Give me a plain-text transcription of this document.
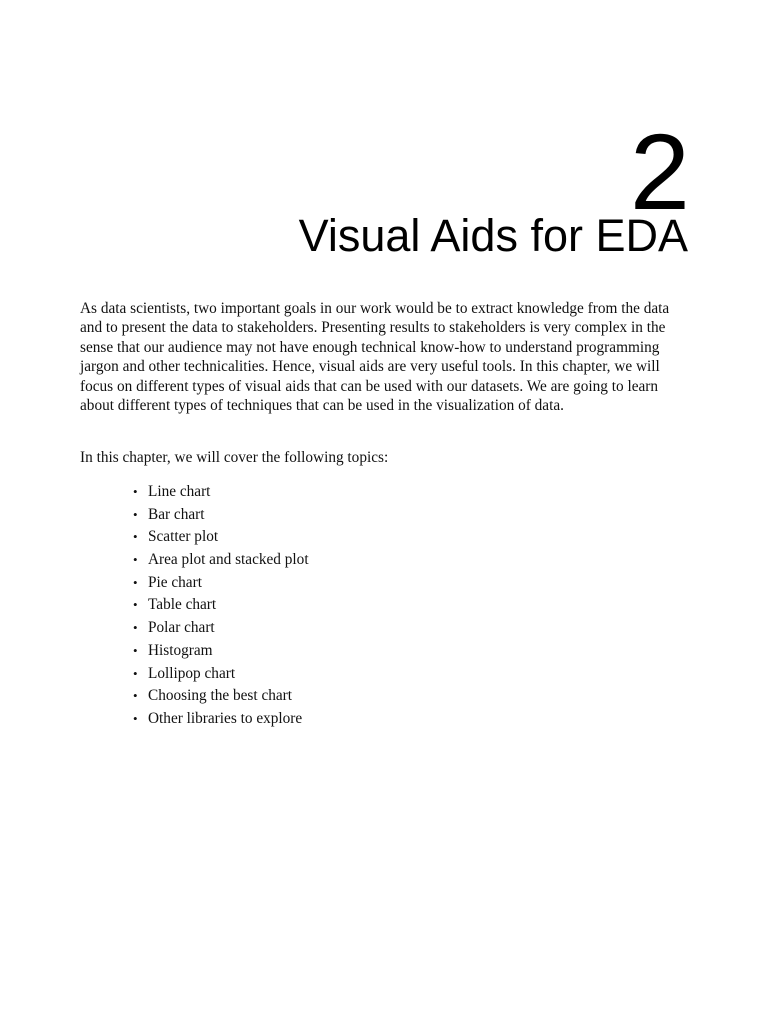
2
Visual Aids for EDA

As data scientists, two important goals in our work would be to extract knowledge from the data and to present the data to stakeholders. Presenting results to stakeholders is very complex in the sense that our audience may not have enough technical know-how to understand programming jargon and other technicalities. Hence, visual aids are very useful tools. In this chapter, we will focus on different types of visual aids that can be used with our datasets. We are going to learn about different types of techniques that can be used in the visualization of data.

In this chapter, we will cover the following topics:

• Line chart
• Bar chart
• Scatter plot
• Area plot and stacked plot
• Pie chart
• Table chart
• Polar chart
• Histogram
• Lollipop chart
• Choosing the best chart
• Other libraries to explore
